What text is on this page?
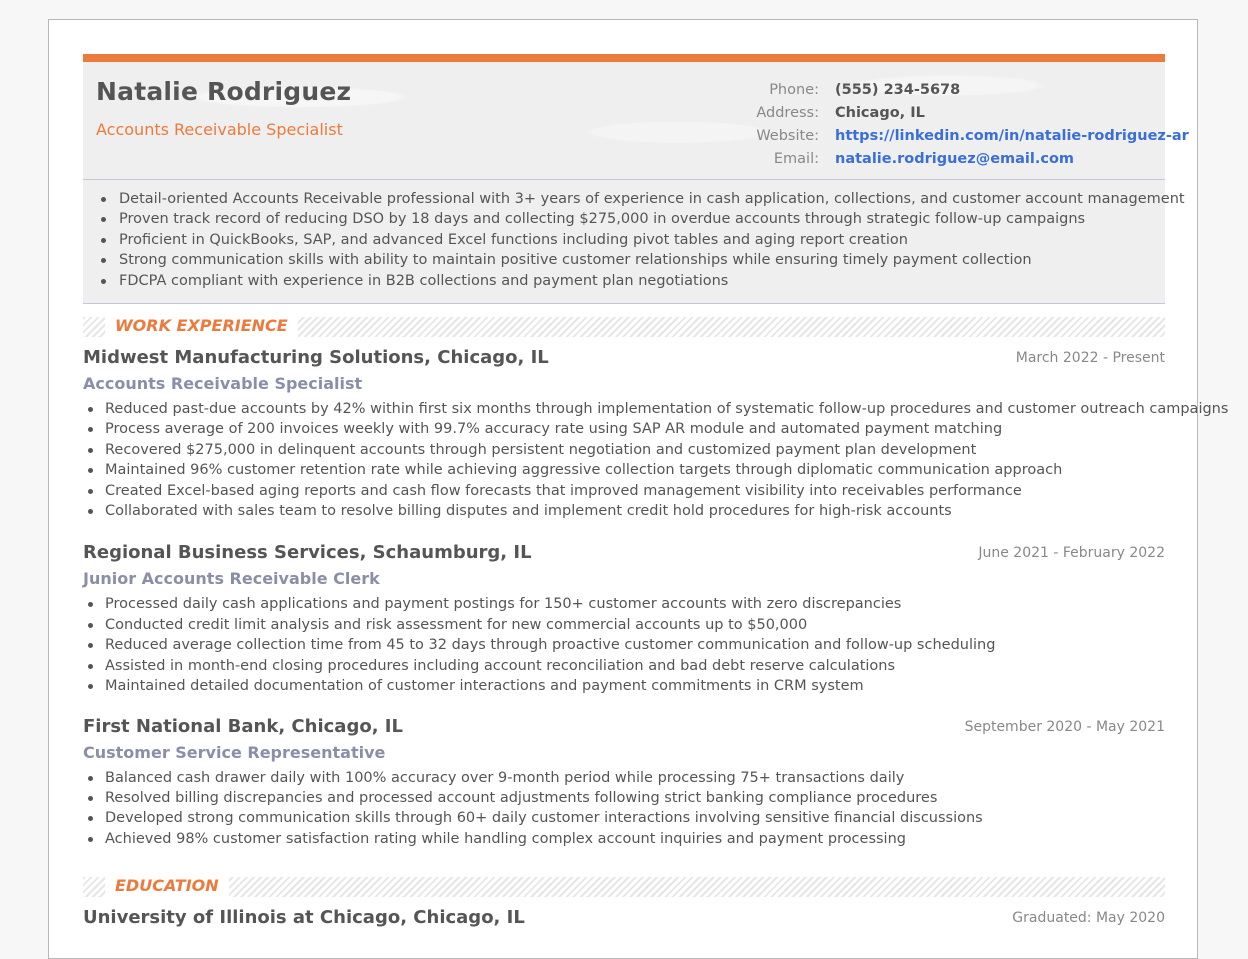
Natalie Rodriguez
Accounts Receivable Specialist
Phone: (555) 234-5678
Address: Chicago, IL
Website: https://linkedin.com/in/natalie-rodriguez-ar
Email: natalie.rodriguez@email.com
Detail-oriented Accounts Receivable professional with 3+ years of experience in cash application, collections, and customer account management
Proven track record of reducing DSO by 18 days and collecting $275,000 in overdue accounts through strategic follow-up campaigns
Proficient in QuickBooks, SAP, and advanced Excel functions including pivot tables and aging report creation
Strong communication skills with ability to maintain positive customer relationships while ensuring timely payment collection
FDCPA compliant with experience in B2B collections and payment plan negotiations
WORK EXPERIENCE
Midwest Manufacturing Solutions, Chicago, IL	March 2022 - Present
Accounts Receivable Specialist
Reduced past-due accounts by 42% within first six months through implementation of systematic follow-up procedures and customer outreach campaigns
Process average of 200 invoices weekly with 99.7% accuracy rate using SAP AR module and automated payment matching
Recovered $275,000 in delinquent accounts through persistent negotiation and customized payment plan development
Maintained 96% customer retention rate while achieving aggressive collection targets through diplomatic communication approach
Created Excel-based aging reports and cash flow forecasts that improved management visibility into receivables performance
Collaborated with sales team to resolve billing disputes and implement credit hold procedures for high-risk accounts
Regional Business Services, Schaumburg, IL	June 2021 - February 2022
Junior Accounts Receivable Clerk
Processed daily cash applications and payment postings for 150+ customer accounts with zero discrepancies
Conducted credit limit analysis and risk assessment for new commercial accounts up to $50,000
Reduced average collection time from 45 to 32 days through proactive customer communication and follow-up scheduling
Assisted in month-end closing procedures including account reconciliation and bad debt reserve calculations
Maintained detailed documentation of customer interactions and payment commitments in CRM system
First National Bank, Chicago, IL	September 2020 - May 2021
Customer Service Representative
Balanced cash drawer daily with 100% accuracy over 9-month period while processing 75+ transactions daily
Resolved billing discrepancies and processed account adjustments following strict banking compliance procedures
Developed strong communication skills through 60+ daily customer interactions involving sensitive financial discussions
Achieved 98% customer satisfaction rating while handling complex account inquiries and payment processing
EDUCATION
University of Illinois at Chicago, Chicago, IL	Graduated: May 2020
